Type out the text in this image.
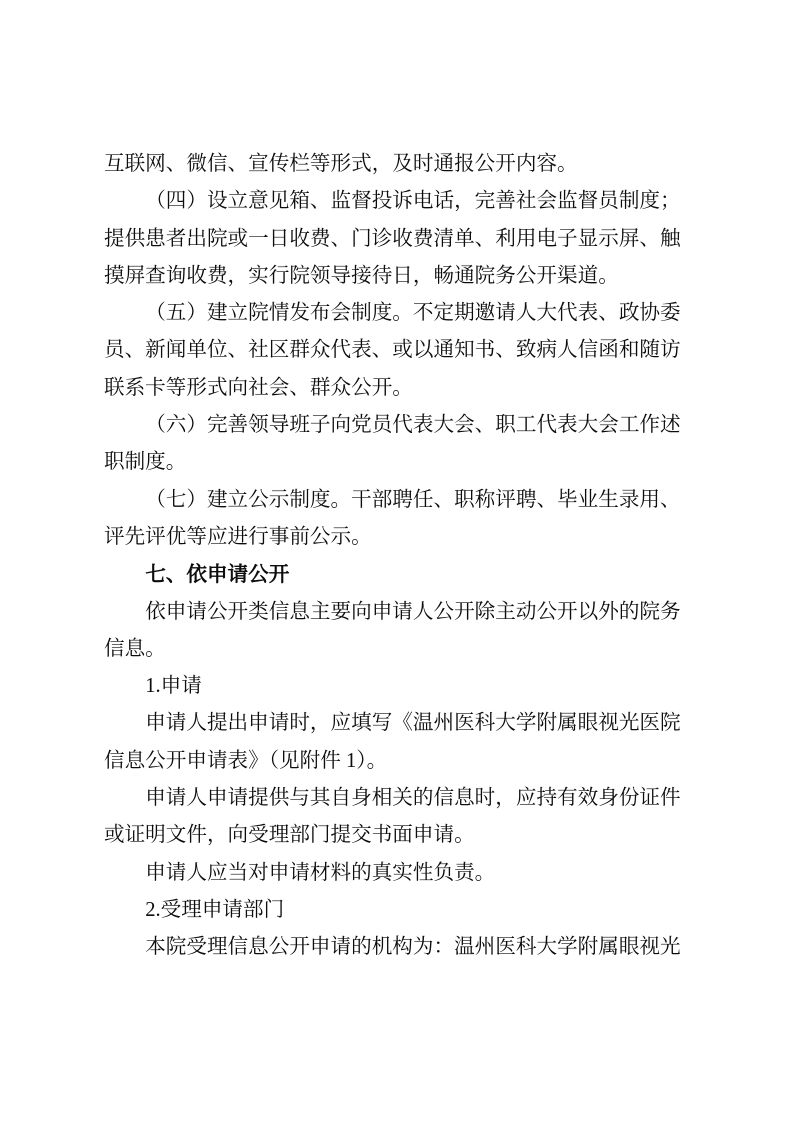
互联网、微信、宣传栏等形式，及时通报公开内容。
（四）设立意见箱、监督投诉电话，完善社会监督员制度；
提供患者出院或一日收费、门诊收费清单、利用电子显示屏、触
摸屏查询收费，实行院领导接待日，畅通院务公开渠道。
（五）建立院情发布会制度。不定期邀请人大代表、政协委
员、新闻单位、社区群众代表、或以通知书、致病人信函和随访
联系卡等形式向社会、群众公开。
（六）完善领导班子向党员代表大会、职工代表大会工作述
职制度。
（七）建立公示制度。干部聘任、职称评聘、毕业生录用、
评先评优等应进行事前公示。
七、依申请公开
依申请公开类信息主要向申请人公开除主动公开以外的院务
信息。
1.申请
申请人提出申请时，应填写《温州医科大学附属眼视光医院
信息公开申请表》（见附件 1）。
申请人申请提供与其自身相关的信息时，应持有效身份证件
或证明文件，向受理部门提交书面申请。
申请人应当对申请材料的真实性负责。
2.受理申请部门
本院受理信息公开申请的机构为：温州医科大学附属眼视光
